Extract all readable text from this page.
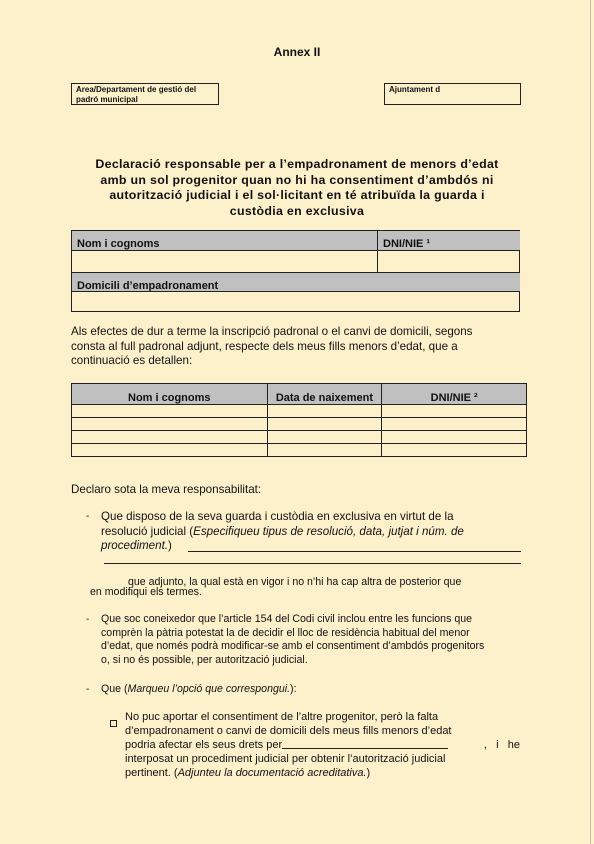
Annex II
Area/Departament de gestió del
padró municipal
Ajuntament d
Declaració responsable per a l’empadronament de menors d’edat
amb un sol progenitor quan no hi ha consentiment d’ambdós ni
autorització judicial i el sol·licitant en té atribuïda la guarda i
custòdia en exclusiva
Nom i cognoms	DNI/NIE ¹
Domicili d’empadronament
Als efectes de dur a terme la inscripció padronal o el canvi de domicili, segons
consta al full padronal adjunt, respecte dels meus fills menors d’edat, que a
continuació es detallen:
Nom i cognoms	Data de naixement	DNI/NIE ²

Declaro sota la meva responsabilitat:
- Que disposo de la seva guarda i custòdia en exclusiva en virtut de la
resolució judicial (Especifiqueu tipus de resolució, data, jutjat i núm. de
procediment.)
que adjunto, la qual està en vigor i no n’hi ha cap altra de posterior que
en modifiqui els termes.
- Que soc coneixedor que l’article 154 del Codi civil inclou entre les funcions que
comprèn la pàtria potestat la de decidir el lloc de residència habitual del menor
d’edat, que només podrà modificar-se amb el consentiment d’ambdós progenitors
o, si no és possible, per autorització judicial.
- Que (Marqueu l’opció que correspongui.):
No puc aportar el consentiment de l’altre progenitor, però la falta
d’empadronament o canvi de domicili dels meus fills menors d’edat
podria afectar els seus drets per	,   i   he
interposat un procediment judicial per obtenir l’autorització judicial
pertinent. (Adjunteu la documentació acreditativa.)
